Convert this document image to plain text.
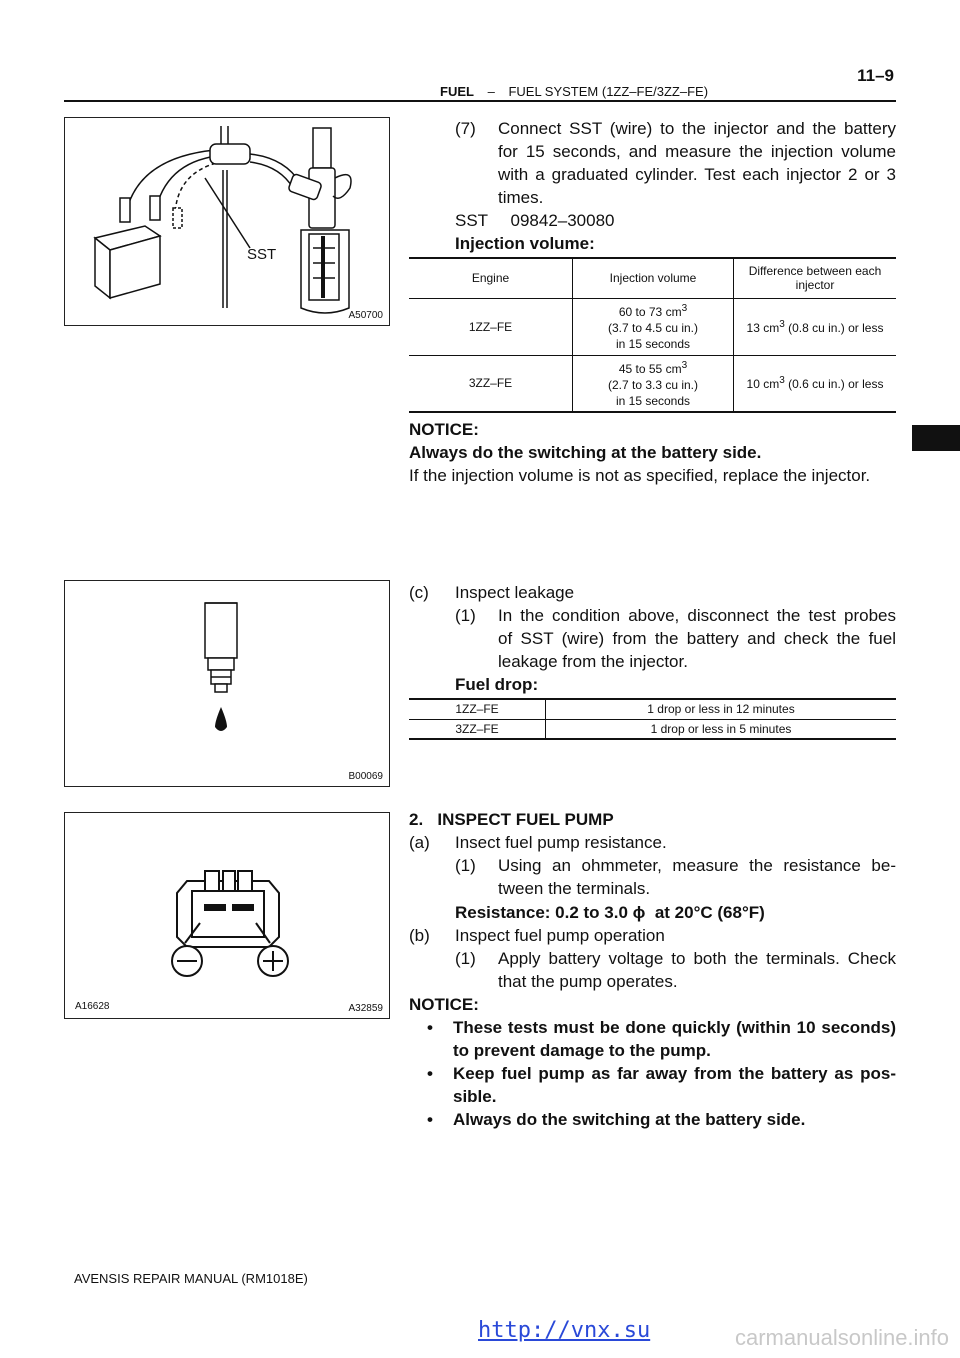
11–9
FUEL – FUEL SYSTEM (1ZZ–FE/3ZZ–FE)
SST
A50700
B00069
A16628	A32859
(7) Connect SST (wire) to the injector and the battery
for 15 seconds, and measure the injection volume
with a graduated cylinder. Test each injector 2 or 3
times.
SST 09842–30080
Injection volume:
Engine	Injection volume	Difference between each injector
1ZZ–FE	60 to 73 $cm^3$
(3.7 to 4.5 cu in.)
in 15 seconds	13 $cm^3$ (0.8 cu in.) or less
3ZZ–FE	45 to 55 $cm^3$
(2.7 to 3.3 cu in.)
in 15 seconds	10 $cm^3$ (0.6 cu in.) or less
NOTICE:
Always do the switching at the battery side.
If the injection volume is not as specified, replace the injector.
(c) Inspect leakage
(1) In the condition above, disconnect the test probes
of SST (wire) from the battery and check the fuel
leakage from the injector.
Fuel drop:
1ZZ–FE	1 drop or less in 12 minutes
3ZZ–FE	1 drop or less in 5 minutes
2.   INSPECT FUEL PUMP
(a) Insect fuel pump resistance.
(1) Using an ohmmeter, measure the resistance be-
tween the terminals.
Resistance: 0.2 to 3.0 ϕ  at 20°C (68°F)
(b) Inspect fuel pump operation
(1) Apply battery voltage to both the terminals. Check
that the pump operates.
NOTICE:
• These tests must be done quickly (within 10 seconds)
to prevent damage to the pump.
• Keep fuel pump as far away from the battery as pos-
sible.
• Always do the switching at the battery side.
AVENSIS REPAIR MANUAL (RM1018E)
http://vnx.su	carmanualsonline.info
